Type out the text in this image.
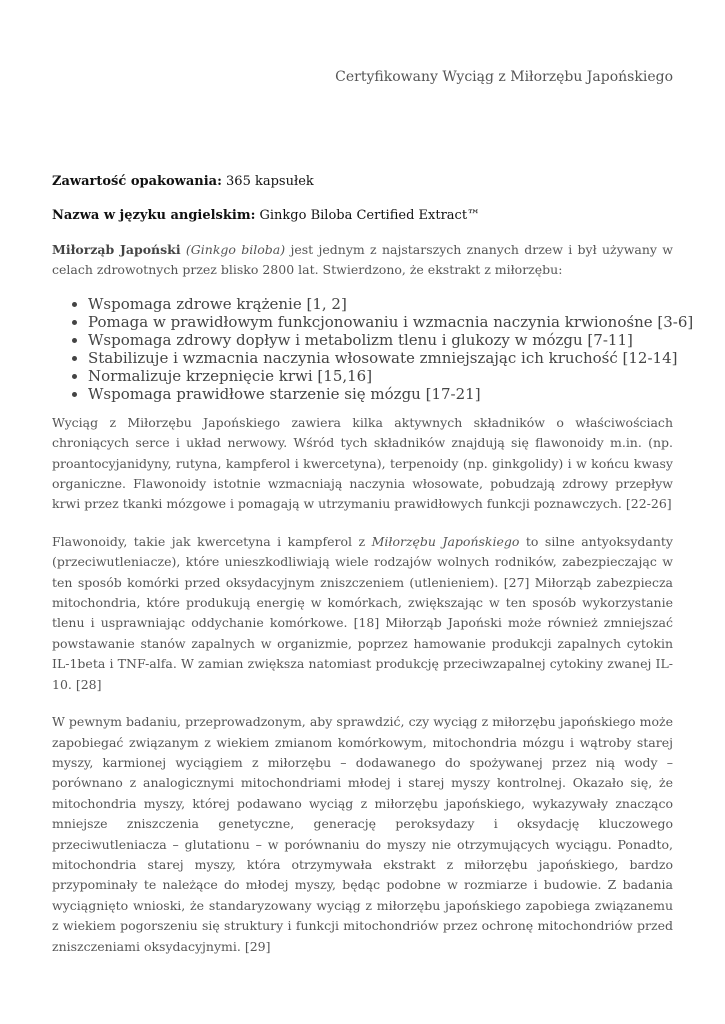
Certyfikowany Wyciąg z Miłorzębu Japońskiego

Zawartość opakowania: 365 kapsułek

Nazwa w języku angielskim: Ginkgo Biloba Certified Extract™

Miłorząb Japoński (Ginkgo biloba) jest jednym z najstarszych znanych drzew i był używany w celach zdrowotnych przez blisko 2800 lat. Stwierdzono, że ekstrakt z miłorzębu:

• Wspomaga zdrowe krążenie [1, 2]
• Pomaga w prawidłowym funkcjonowaniu i wzmacnia naczynia krwionośne [3-6]
• Wspomaga zdrowy dopływ i metabolizm tlenu i glukozy w mózgu [7-11]
• Stabilizuje i wzmacnia naczynia włosowate zmniejszając ich kruchość [12-14]
• Normalizuje krzepnięcie krwi [15,16]
• Wspomaga prawidłowe starzenie się mózgu [17-21]

Wyciąg z Miłorzębu Japońskiego zawiera kilka aktywnych składników o właściwościach chroniących serce i układ nerwowy. Wśród tych składników znajdują się flawonoidy m.in. (np. proantocyjanidyny, rutyna, kampferol i kwercetyna), terpenoidy (np. ginkgolidy) i w końcu kwasy organiczne. Flawonoidy istotnie wzmacniają naczynia włosowate, pobudzają zdrowy przepływ krwi przez tkanki mózgowe i pomagają w utrzymaniu prawidłowych funkcji poznawczych. [22-26]

Flawonoidy, takie jak kwercetyna i kampferol z Miłorzębu Japońskiego to silne antyoksydanty (przeciwutleniacze), które unieszkodliwiają wiele rodzajów wolnych rodników, zabezpieczając w ten sposób komórki przed oksydacyjnym zniszczeniem (utlenieniem). [27] Miłorząb zabezpiecza mitochondria, które produkują energię w komórkach, zwiększając w ten sposób wykorzystanie tlenu i usprawniając oddychanie komórkowe. [18] Miłorząb Japoński może również zmniejszać powstawanie stanów zapalnych w organizmie, poprzez hamowanie produkcji zapalnych cytokin IL-1beta i TNF-alfa. W zamian zwiększa natomiast produkcję przeciwzapalnej cytokiny zwanej IL-10. [28]

W pewnym badaniu, przeprowadzonym, aby sprawdzić, czy wyciąg z miłorzębu japońskiego może zapobiegać związanym z wiekiem zmianom komórkowym, mitochondria mózgu i wątroby starej myszy, karmionej wyciągiem z miłorzębu – dodawanego do spożywanej przez nią wody – porównano z analogicznymi mitochondriami młodej i starej myszy kontrolnej. Okazało się, że mitochondria myszy, której podawano wyciąg z miłorzębu japońskiego, wykazywały znacząco mniejsze zniszczenia genetyczne, generację peroksydazy i oksydację kluczowego przeciwutleniacza – glutationu – w porównaniu do myszy nie otrzymujących wyciągu. Ponadto, mitochondria starej myszy, która otrzymywała ekstrakt z miłorzębu japońskiego, bardzo przypominały te należące do młodej myszy, będąc podobne w rozmiarze i budowie. Z badania wyciągnięto wnioski, że standaryzowany wyciąg z miłorzębu japońskiego zapobiega związanemu z wiekiem pogorszeniu się struktury i funkcji mitochondriów przez ochronę mitochondriów przed zniszczeniami oksydacyjnymi. [29]
